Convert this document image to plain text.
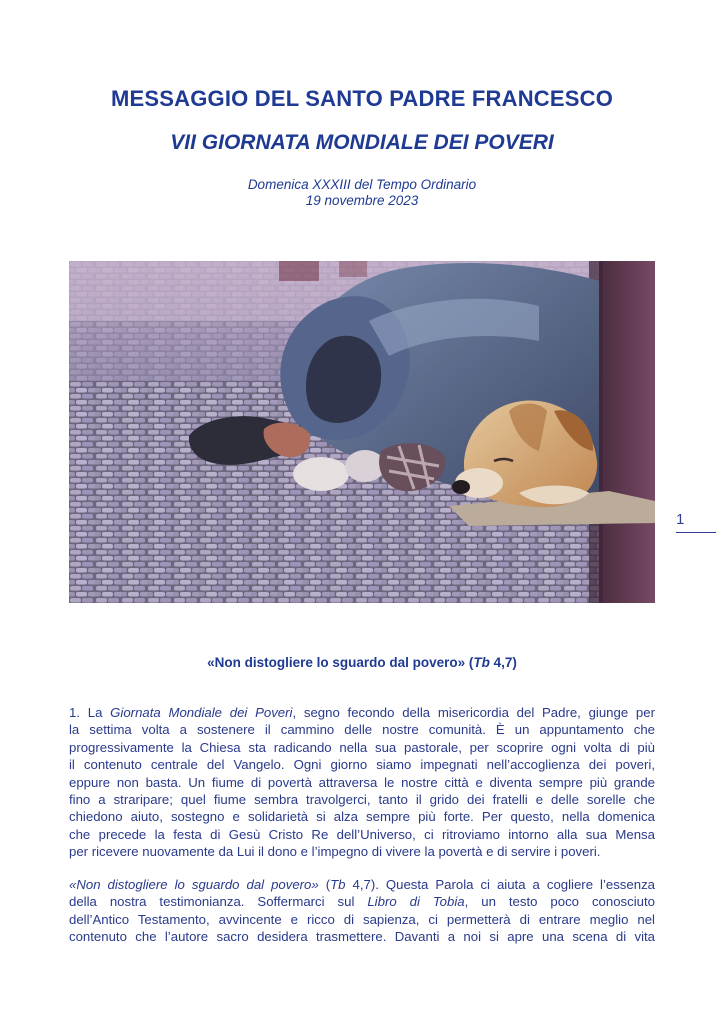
MESSAGGIO DEL SANTO PADRE FRANCESCO
VII GIORNATA MONDIALE DEI POVERI
Domenica XXXIII del Tempo Ordinario
19 novembre 2023
1
«Non distogliere lo sguardo dal povero» (Tb 4,7)
1. La Giornata Mondiale dei Poveri, segno fecondo della misericordia del Padre, giunge per
la settima volta a sostenere il cammino delle nostre comunità. È un appuntamento che
progressivamente la Chiesa sta radicando nella sua pastorale, per scoprire ogni volta di più
il contenuto centrale del Vangelo. Ogni giorno siamo impegnati nell’accoglienza dei poveri,
eppure non basta. Un fiume di povertà attraversa le nostre città e diventa sempre più grande
fino a straripare; quel fiume sembra travolgerci, tanto il grido dei fratelli e delle sorelle che
chiedono aiuto, sostegno e solidarietà si alza sempre più forte. Per questo, nella domenica
che precede la festa di Gesù Cristo Re dell’Universo, ci ritroviamo intorno alla sua Mensa
per ricevere nuovamente da Lui il dono e l’impegno di vivere la povertà e di servire i poveri.
«Non distogliere lo sguardo dal povero» (Tb 4,7). Questa Parola ci aiuta a cogliere l’essenza
della nostra testimonianza. Soffermarci sul Libro di Tobia, un testo poco conosciuto
dell’Antico Testamento, avvincente e ricco di sapienza, ci permetterà di entrare meglio nel
contenuto che l’autore sacro desidera trasmettere. Davanti a noi si apre una scena di vita
